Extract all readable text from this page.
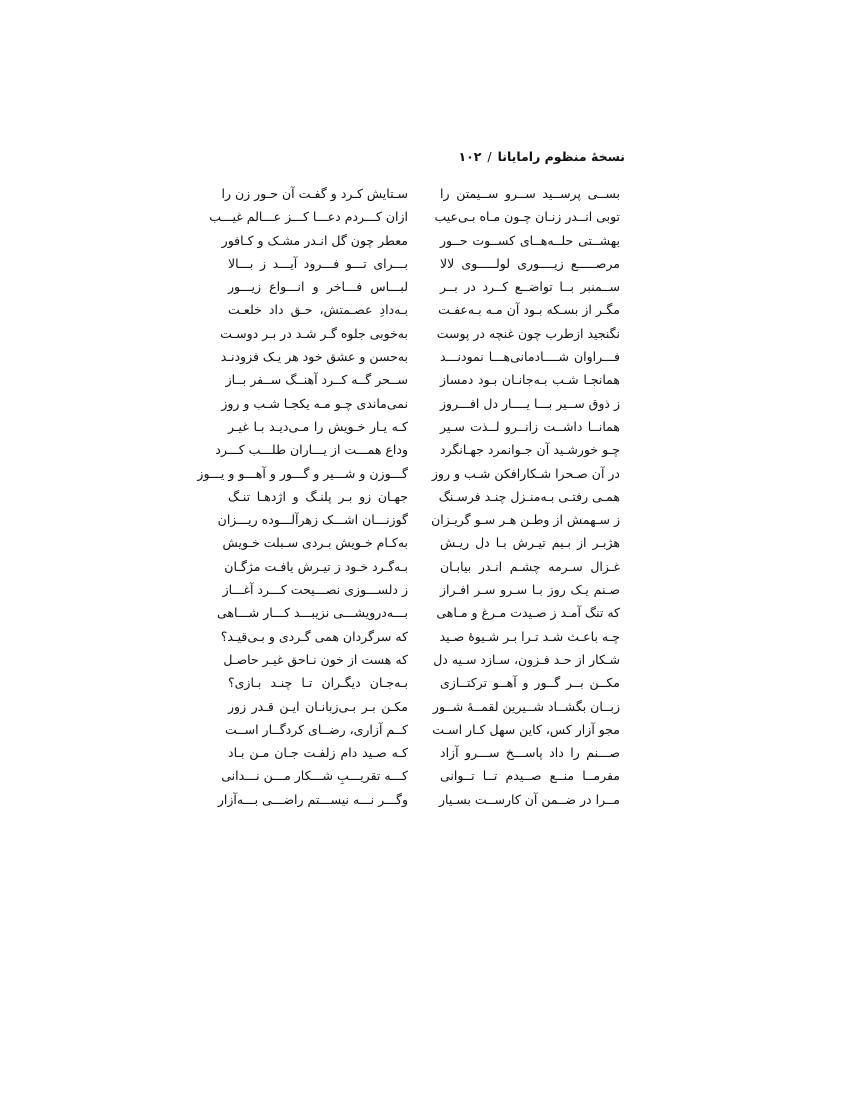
نسخهٔ منظوم رامایانا/۱۰۲
بســی پرســید ســرو ســیمتن را
توبی انــدر زنـان چـون مـاه بـی‌عیب
بهشــتی حلــه‌هــای کســوت حــور
مرصـــــع زیــــوری لولـــــوی لالا
ســمنبر بــا تواضــع کــرد در بــر
مگـر از بسـکه بـود آن مـه بـه‌عفـت
نگنجید ازطرب چون غنچه در پوست
فـــراوان شــــادمانی‌هـــا نمودنـــد
همانجـا شـب بـه‌جانـان بـود دمساز
ز ذوق ســیر بـــا یــــار دل افـــروز
همانــا داشــت زانــرو لــذت سـیر
چـو خورشـید آن جـوانمرد جهـانگرد
در آن صـحرا شـکارافکن شـب و روز
همـی رفتـی بـه‌منـزل چنـد فرسـنگ
ز سـهمش از وطـن هـر سـو گریـزان
هژبـر از بـیم تیـرش بـا دل ریـش
غـزال سـرمه چشـم انـدر بیابـان
صـنم یـک روز بـا سـرو سـر افـراز
که تنگ آمـد ز صـیدت مـرغ و مـاهی
چـه باعـث شـد تـرا بـر شـیوهٔ صـید
شـکار از حـد فـزون، سـازد سـیه دل
مکــن بــر گــور و آهــو ترکتــازی
زبــان بگشــاد شــیرین لقمــهٔ شــور
مجو آزار کس، کاین سهل کـار اسـت
صـــنم را داد پاســـخ ســـرو آزاد
مفرمــا منــع صــیدم تــا تــوانی
مــرا در ضــمن آن کارســت بسـیار
سـتایش کـرد و گفـت آن حـور زن را
ازان کـــردم دعـــا کـــز عـــالم غیـــب
معطر چون گل انـدر مشـک و کـافور
بـــرای تـــو فـــرود آیـــد ز بـــالا
لبـــاس فـــاخر و انـــواع زیـــور
بـه‌دادِ عصـمتش، حـق داد خلعـت
به‌خوبی جلوه گـر شـد در بـر دوسـت
به‌حسن و عشق خود هر یـک فزودنـد
ســحر گــه کــرد آهنــگ ســفر بــاز
نمی‌ماندی چـو مـه یکجـا شـب و روز
کـه یـار خـویش را مـی‌دیـد بـا غیـر
وداع همـــت از یـــاران طلـــب کـــرد
گـــوزن و شـــیر و گـــور و آهـــو و یـــوز
جهـان زو بـر پلنـگ و اژدهـا تنـگ
گوزنـــان اشـــک زهرآلـــوده ریـــزان
به‌کـام خـویش بـردی سـبلت خـویش
بـه‌گـرد خـود ز تیـرش یافـت مژگـان
ز دلســـوزی نصـــیحت کـــرد آغـــاز
بـــه‌درویشـــی نزیبـــد کـــار شـــاهی
که سرگردان همی گـردی و بـی‌قیـد؟
که هست از خون نـاحق غیـر حاصـل
بـه‌جـان دیگـران تـا چنـد بـازی؟
مکـن بـر بـی‌زبانـان ایـن قـدر زور
کــم آزاری، رضــای کردگــار اســت
کـه صـید دام زلفـت جـان مـن بـاد
کـــه تقریـــبِ شـــکار مـــن نـــدانی
وگـــر نـــه نیســـتم راضـــی بـــه‌آزار
